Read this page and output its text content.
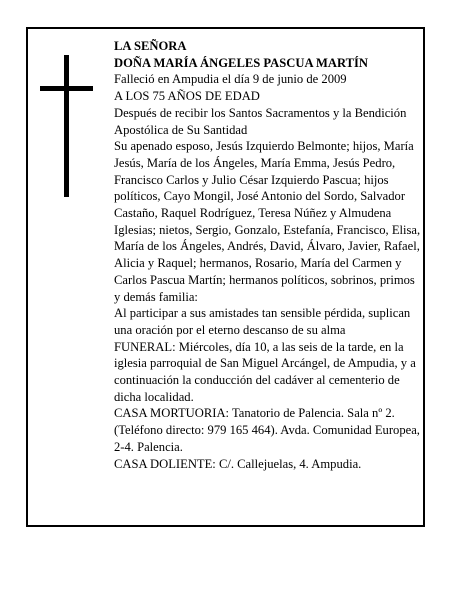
LA SEÑORA

DOÑA MARÍA ÁNGELES PASCUA MARTÍN

Falleció en Ampudia el día 9 de junio de 2009

A LOS 75 AÑOS DE EDAD

Después de recibir los Santos Sacramentos y la Bendición Apostólica de Su Santidad

Su apenado esposo, Jesús Izquierdo Belmonte; hijos, María Jesús, María de los Ángeles, María Emma, Jesús Pedro, Francisco Carlos y Julio César Izquierdo Pascua; hijos políticos, Cayo Mongil, José Antonio del Sordo, Salvador Castaño, Raquel Rodríguez, Teresa Núñez y Almudena Iglesias; nietos, Sergio, Gonzalo, Estefanía, Francisco, Elisa, María de los Ángeles, Andrés, David, Álvaro, Javier, Rafael, Alicia y Raquel; hermanos, Rosario, María del Carmen y Carlos Pascua Martín; hermanos políticos, sobrinos, primos y demás familia:

Al participar a sus amistades tan sensible pérdida, suplican una oración por el eterno descanso de su alma

FUNERAL: Miércoles, día 10, a las seis de la tarde, en la iglesia parroquial de San Miguel Arcángel, de Ampudia, y a continuación la conducción del cadáver al cementerio de dicha localidad.

CASA MORTUORIA: Tanatorio de Palencia. Sala nº 2. (Teléfono directo: 979 165 464). Avda. Comunidad Europea, 2-4. Palencia.

CASA DOLIENTE: C/. Callejuelas, 4. Ampudia.
